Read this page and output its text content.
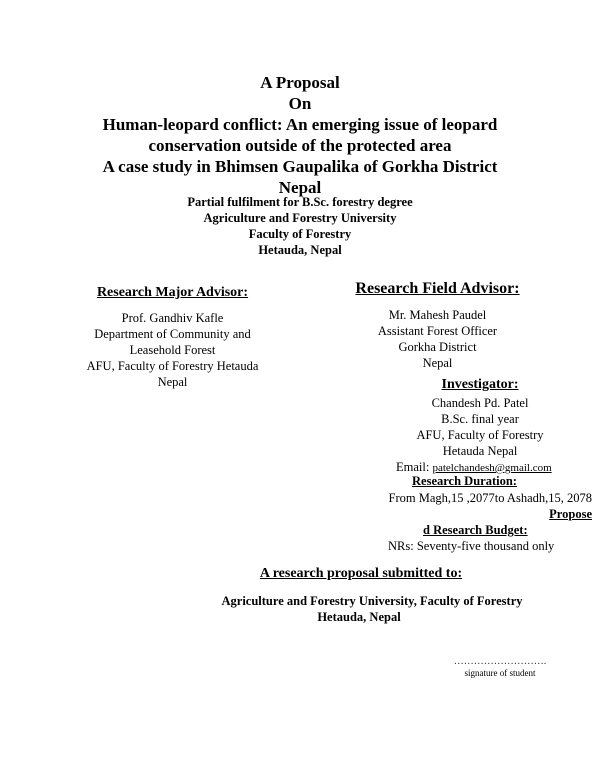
A Proposal
On
Human-leopard conflict: An emerging issue of leopard
conservation outside of the protected area
A case study in Bhimsen Gaupalika of Gorkha District
Nepal
Partial fulfilment for B.Sc. forestry degree
Agriculture and Forestry University
Faculty of Forestry
Hetauda, Nepal
Research Major Advisor:
Prof. Gandhiv Kafle
Department of Community and
Leasehold Forest
AFU, Faculty of Forestry Hetauda
Nepal
Research Field Advisor:
Mr. Mahesh Paudel
Assistant Forest Officer
Gorkha District
Nepal
Investigator:
Chandesh Pd. Patel
B.Sc. final year
AFU, Faculty of Forestry
Hetauda Nepal
Email: patelchandesh@gmail.com
Research Duration:
From Magh,15 ,2077to Ashadh,15, 2078
Propose
d Research Budget:
NRs: Seventy-five thousand only
A research proposal submitted to:
Agriculture and Forestry University, Faculty of Forestry
Hetauda, Nepal
……………………….
signature of student
